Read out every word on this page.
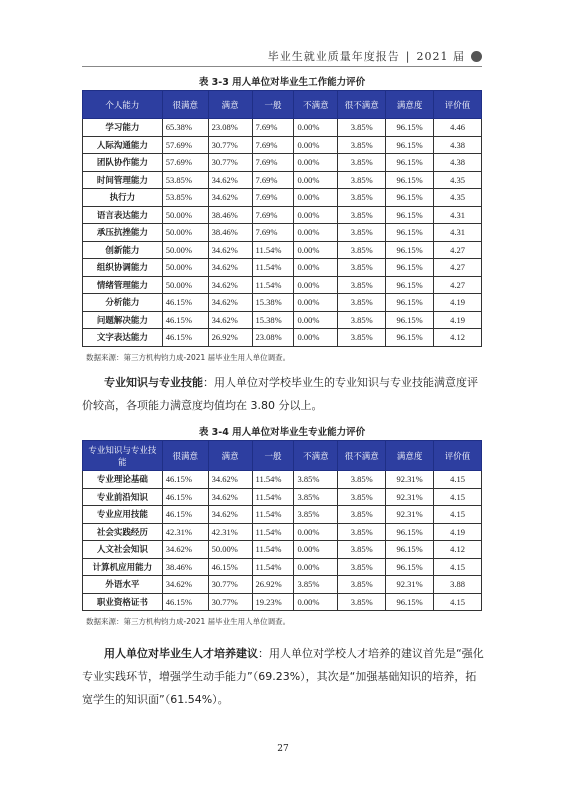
毕业生就业质量年度报告 | 2021 届
表 3-3 用人单位对毕业生工作能力评价
个人能力	很满意	满意	一般	不满意	很不满意	满意度	评价值
学习能力	65.38%	23.08%	7.69%	0.00%	3.85%	96.15%	4.46
人际沟通能力	57.69%	30.77%	7.69%	0.00%	3.85%	96.15%	4.38
团队协作能力	57.69%	30.77%	7.69%	0.00%	3.85%	96.15%	4.38
时间管理能力	53.85%	34.62%	7.69%	0.00%	3.85%	96.15%	4.35
执行力	53.85%	34.62%	7.69%	0.00%	3.85%	96.15%	4.35
语言表达能力	50.00%	38.46%	7.69%	0.00%	3.85%	96.15%	4.31
承压抗挫能力	50.00%	38.46%	7.69%	0.00%	3.85%	96.15%	4.31
创新能力	50.00%	34.62%	11.54%	0.00%	3.85%	96.15%	4.27
组织协调能力	50.00%	34.62%	11.54%	0.00%	3.85%	96.15%	4.27
情绪管理能力	50.00%	34.62%	11.54%	0.00%	3.85%	96.15%	4.27
分析能力	46.15%	34.62%	15.38%	0.00%	3.85%	96.15%	4.19
问题解决能力	46.15%	34.62%	15.38%	0.00%	3.85%	96.15%	4.19
文字表达能力	46.15%	26.92%	23.08%	0.00%	3.85%	96.15%	4.12
数据来源：第三方机构钧力成-2021 届毕业生用人单位调查。
专业知识与专业技能：用人单位对学校毕业生的专业知识与专业技能满意度评价较高，各项能力满意度均值均在 3.80 分以上。
表 3-4 用人单位对毕业生专业能力评价
专业知识与专业技能	很满意	满意	一般	不满意	很不满意	满意度	评价值
专业理论基础	46.15%	34.62%	11.54%	3.85%	3.85%	92.31%	4.15
专业前沿知识	46.15%	34.62%	11.54%	3.85%	3.85%	92.31%	4.15
专业应用技能	46.15%	34.62%	11.54%	3.85%	3.85%	92.31%	4.15
社会实践经历	42.31%	42.31%	11.54%	0.00%	3.85%	96.15%	4.19
人文社会知识	34.62%	50.00%	11.54%	0.00%	3.85%	96.15%	4.12
计算机应用能力	38.46%	46.15%	11.54%	0.00%	3.85%	96.15%	4.15
外语水平	34.62%	30.77%	26.92%	3.85%	3.85%	92.31%	3.88
职业资格证书	46.15%	30.77%	19.23%	0.00%	3.85%	96.15%	4.15
数据来源：第三方机构钧力成-2021 届毕业生用人单位调查。
用人单位对毕业生人才培养建议：用人单位对学校人才培养的建议首先是“强化专业实践环节，增强学生动手能力”（69.23%），其次是“加强基础知识的培养，拓宽学生的知识面”（61.54%）。
27
